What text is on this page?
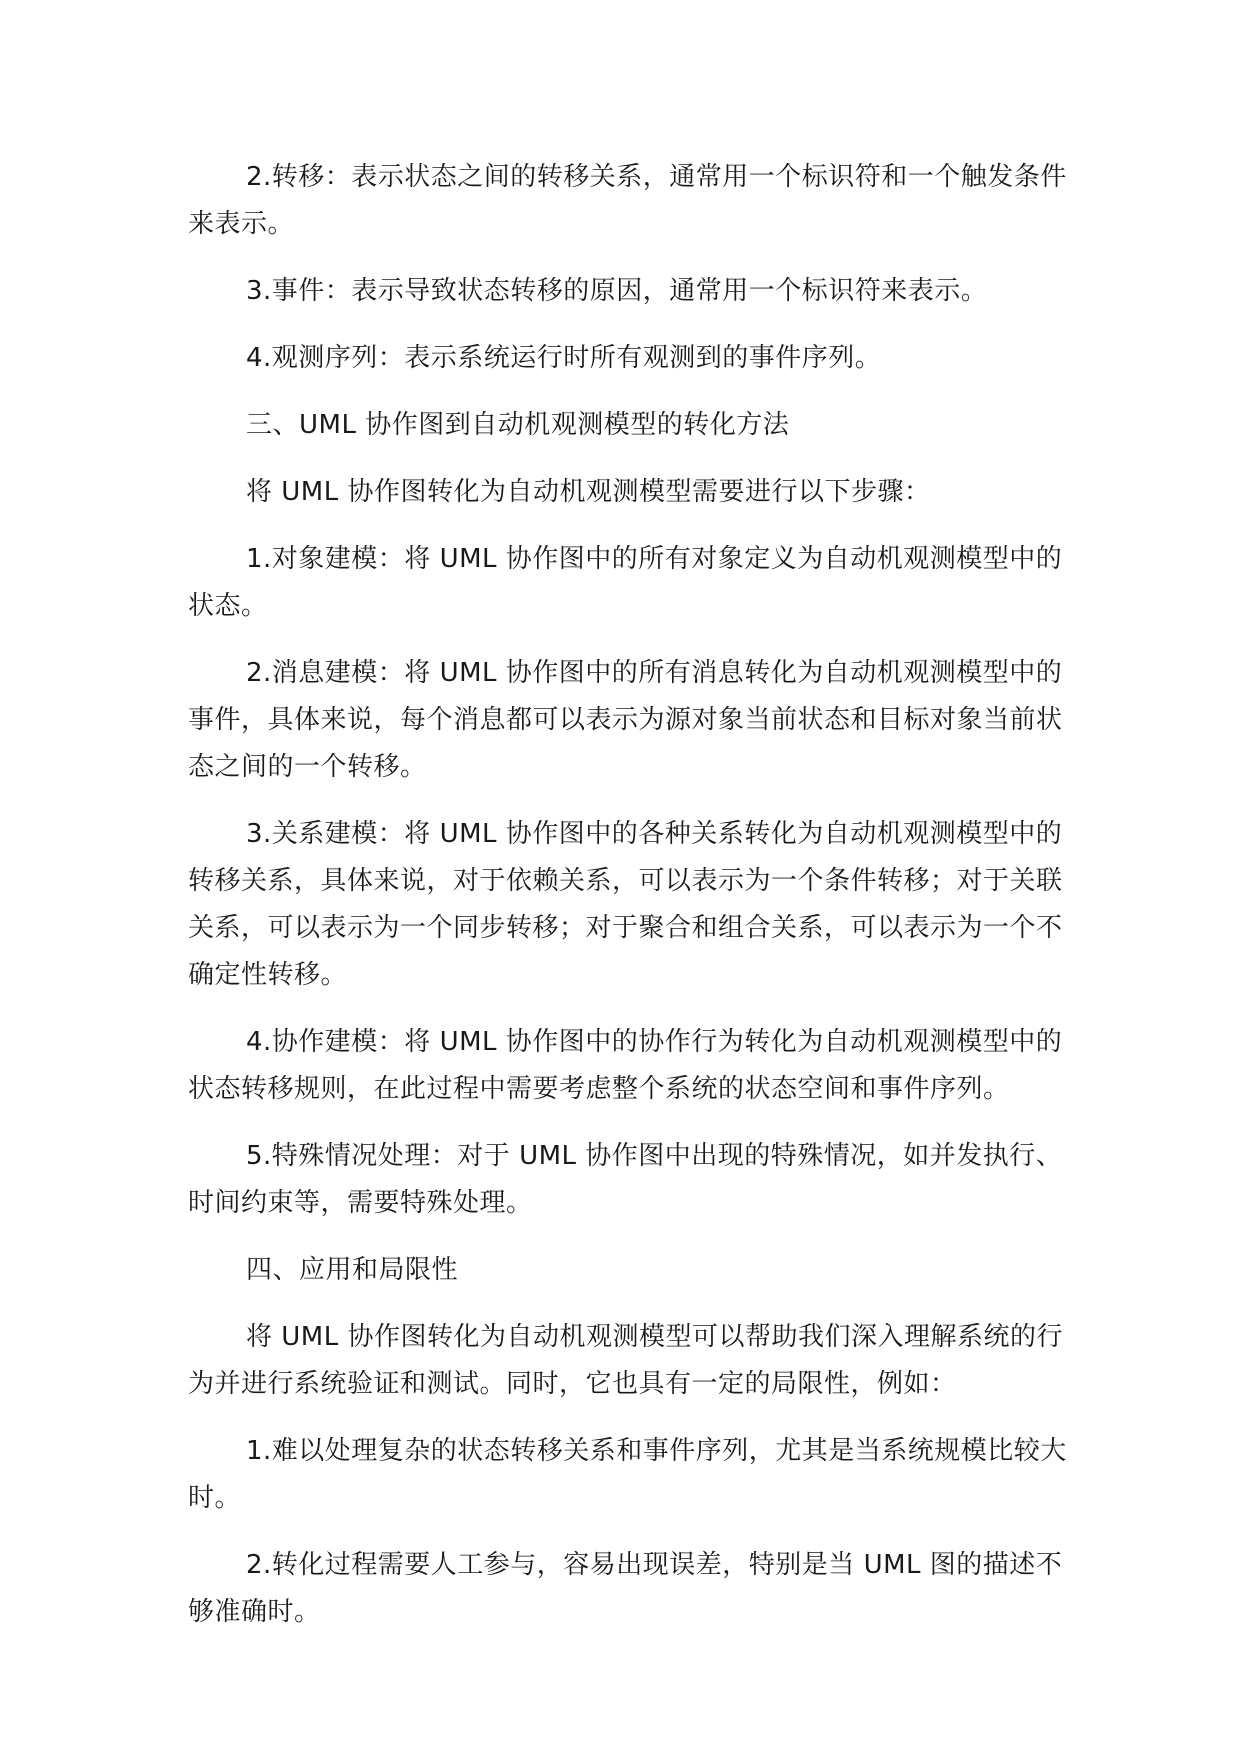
2.转移：表示状态之间的转移关系，通常用一个标识符和一个触发条件来表示。

3.事件：表示导致状态转移的原因，通常用一个标识符来表示。

4.观测序列：表示系统运行时所有观测到的事件序列。

三、UML 协作图到自动机观测模型的转化方法

将 UML 协作图转化为自动机观测模型需要进行以下步骤：

1.对象建模：将 UML 协作图中的所有对象定义为自动机观测模型中的状态。

2.消息建模：将 UML 协作图中的所有消息转化为自动机观测模型中的事件，具体来说，每个消息都可以表示为源对象当前状态和目标对象当前状态之间的一个转移。

3.关系建模：将 UML 协作图中的各种关系转化为自动机观测模型中的转移关系，具体来说，对于依赖关系，可以表示为一个条件转移；对于关联关系，可以表示为一个同步转移；对于聚合和组合关系，可以表示为一个不确定性转移。

4.协作建模：将 UML 协作图中的协作行为转化为自动机观测模型中的状态转移规则，在此过程中需要考虑整个系统的状态空间和事件序列。

5.特殊情况处理：对于 UML 协作图中出现的特殊情况，如并发执行、时间约束等，需要特殊处理。

四、应用和局限性

将 UML 协作图转化为自动机观测模型可以帮助我们深入理解系统的行为并进行系统验证和测试。同时，它也具有一定的局限性，例如：

1.难以处理复杂的状态转移关系和事件序列，尤其是当系统规模比较大时。

2.转化过程需要人工参与，容易出现误差，特别是当 UML 图的描述不够准确时。
